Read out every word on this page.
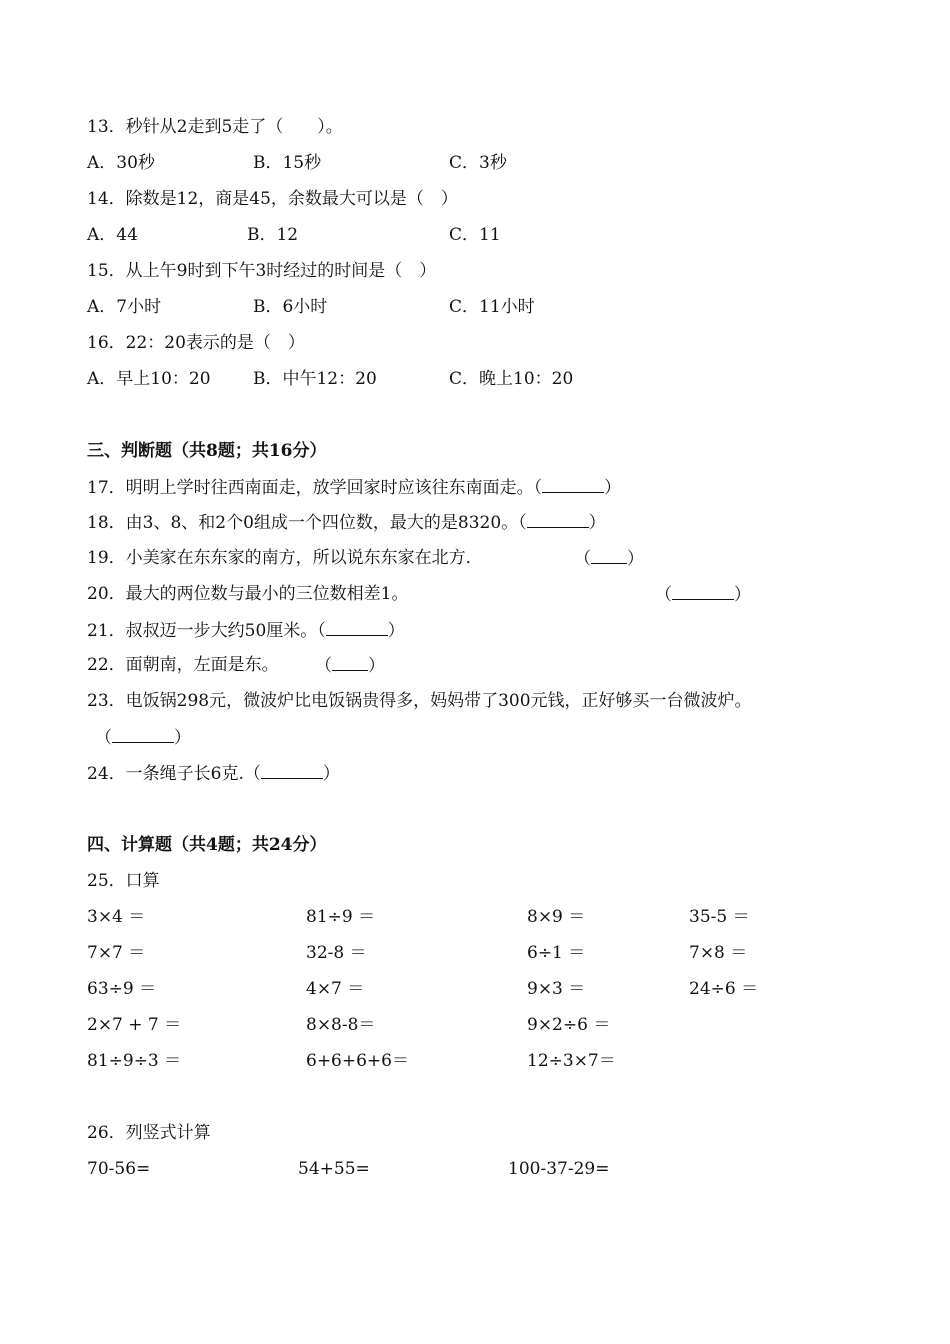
13．秒针从2走到5走了（　　）。
A．30秒	B．15秒	C．3秒
14．除数是12，商是45，余数最大可以是（　）
A．44	B．12	C．11
15．从上午9时到下午3时经过的时间是（　）
A．7小时	B．6小时	C．11小时
16．22：20表示的是（　）
A．早上10：20 B．中午12：20	C．晚上10：20
三、判断题（共8题；共16分）
17．明明上学时往西南面走，放学回家时应该往东南面走。（	）
18．由3、8、和2个0组成一个四位数，最大的是8320。（	）
19．小美家在东东家的南方，所以说东东家在北方．	（ ）
20．最大的两位数与最小的三位数相差1。	（	）
21．叔叔迈一步大约50厘米。（	）
22．面朝南，左面是东。 （ ）
23．电饭锅298元，微波炉比电饭锅贵得多，妈妈带了300元钱，正好够买一台微波炉。
（	）
24．一条绳子长6克.（	）
四、计算题（共4题；共24分）
25．口算
3×4 ＝	81÷9 ＝	8×9 ＝	35-5 ＝
7×7 ＝	32-8 ＝	6÷1 ＝	7×8 ＝
63÷9 ＝	4×7 ＝	9×3 ＝	24÷6 ＝
2×7 + 7 ＝	8×8-8＝	9×2÷6 ＝
81÷9÷3 ＝	6+6+6+6＝	12÷3×7＝
26．列竖式计算
70-56=	54+55=	100-37-29=
